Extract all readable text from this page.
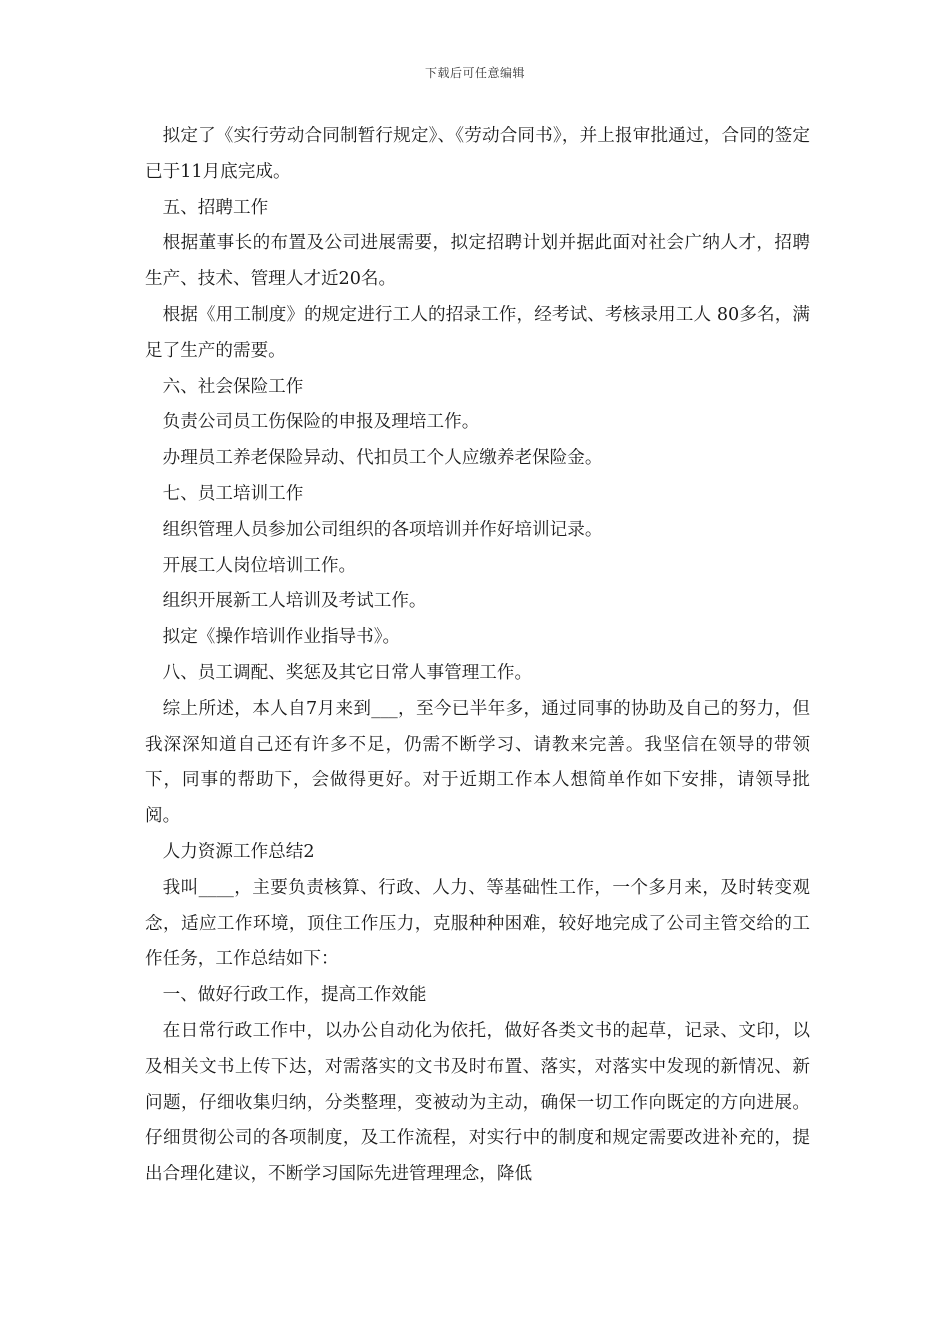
下载后可任意编辑

拟定了《实行劳动合同制暂行规定》、《劳动合同书》，并上报审批通过，合同的签定已于11月底完成。

五、招聘工作

根据董事长的布置及公司进展需要，拟定招聘计划并据此面对社会广纳人才，招聘生产、技术、管理人才近20名。

根据《用工制度》的规定进行工人的招录工作，经考试、考核录用工人 80多名，满足了生产的需要。

六、社会保险工作

负责公司员工伤保险的申报及理培工作。

办理员工养老保险异动、代扣员工个人应缴养老保险金。

七、员工培训工作

组织管理人员参加公司组织的各项培训并作好培训记录。

开展工人岗位培训工作。

组织开展新工人培训及考试工作。

拟定《操作培训作业指导书》。

八、员工调配、奖惩及其它日常人事管理工作。

综上所述，本人自7月来到___，至今已半年多，通过同事的协助及自己的努力，但我深深知道自己还有许多不足，仍需不断学习、请教来完善。我坚信在领导的带领下，同事的帮助下，会做得更好。对于近期工作本人想简单作如下安排，请领导批阅。

人力资源工作总结2

我叫____，主要负责核算、行政、人力、等基础性工作，一个多月来，及时转变观念，适应工作环境，顶住工作压力，克服种种困难，较好地完成了公司主管交给的工作任务，工作总结如下：

一、做好行政工作，提高工作效能

在日常行政工作中，以办公自动化为依托，做好各类文书的起草，记录、文印，以及相关文书上传下达，对需落实的文书及时布置、落实，对落实中发现的新情况、新问题，仔细收集归纳，分类整理，变被动为主动，确保一切工作向既定的方向进展。仔细贯彻公司的各项制度，及工作流程，对实行中的制度和规定需要改进补充的，提出合理化建议，不断学习国际先进管理理念，降低
